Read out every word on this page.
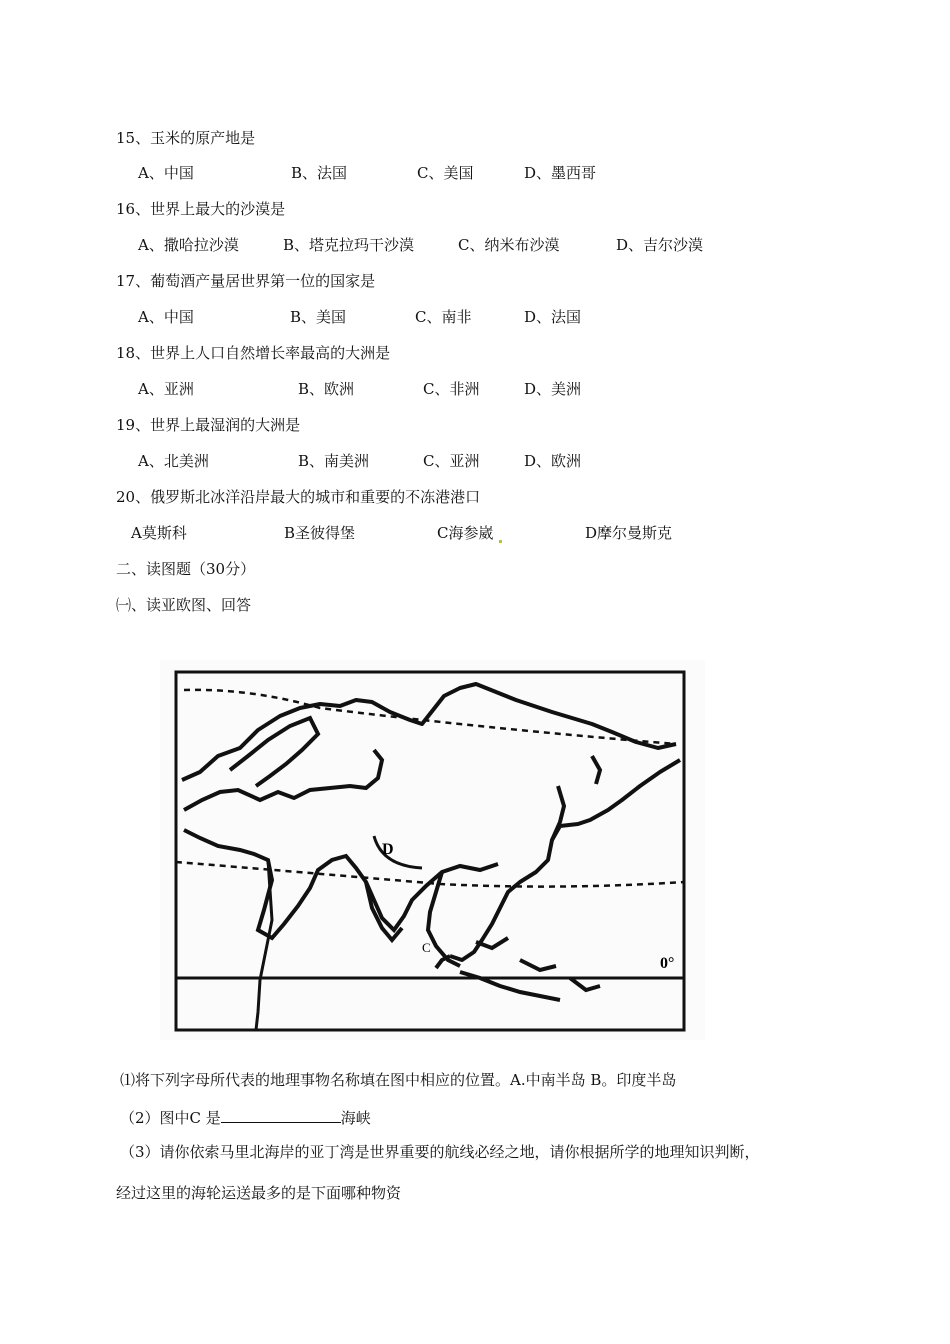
15、玉米的原产地是
A、中国	B、法国	C、美国	D、墨西哥
16、世界上最大的沙漠是
A、撒哈拉沙漠	B、塔克拉玛干沙漠	C、纳米布沙漠	D、吉尔沙漠
17、葡萄酒产量居世界第一位的国家是
A、中国	B、美国	C、南非	D、法国
18、世界上人口自然增长率最高的大洲是
A、亚洲	B、欧洲	C、非洲	D、美洲
19、世界上最湿润的大洲是
A、北美洲	B、南美洲	C、亚洲	D、欧洲
20、俄罗斯北冰洋沿岸最大的城市和重要的不冻港港口
A莫斯科	B圣彼得堡	C海参崴	D摩尔曼斯克
二、读图题（30分）
㈠、读亚欧图、回答
D
C
0°
⑴将下列字母所代表的地理事物名称填在图中相应的位置。A.中南半岛 B。印度半岛
（2）图中C 是	海峡
（3）请你依索马里北海岸的亚丁湾是世界重要的航线必经之地，请你根据所学的地理知识判断，
经过这里的海轮运送最多的是下面哪种物资
